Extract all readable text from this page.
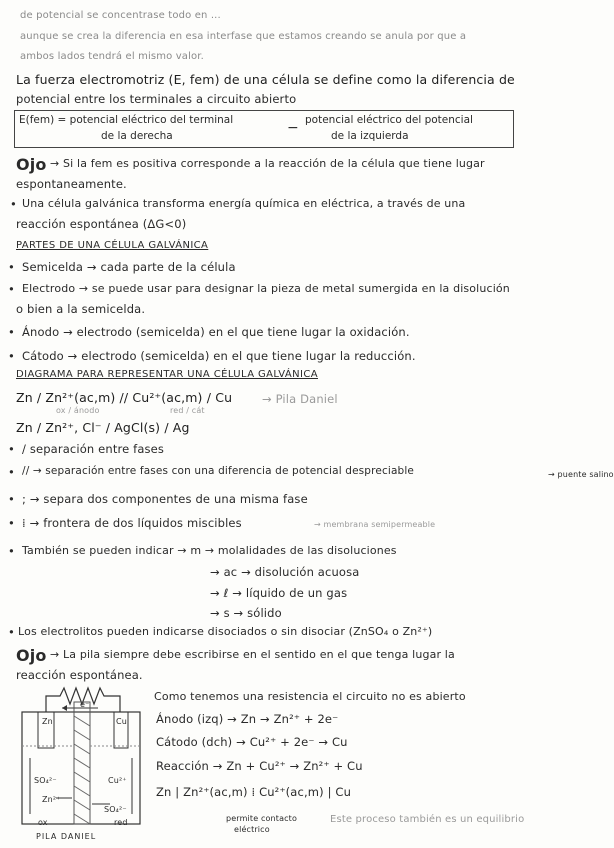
de potencial se concentrase todo en ...
aunque se crea la diferencia en esa interfase que estamos creando se anula por que a
ambos lados tendrá el mismo valor.
La fuerza electromotriz (E, fem) de una célula se define como la diferencia de
potencial entre los terminales a circuito abierto
E(fem) = potencial eléctrico del terminal
de la derecha	− potencial eléctrico del potencial
de la izquierda
Ojo → Si la fem es positiva corresponde a la reacción de la célula que tiene lugar
espontaneamente.
• Una célula galvánica transforma energía química en eléctrica, a través de una
reacción espontánea (ΔG<0)
PARTES DE UNA CÉLULA GALVÁNICA
• Semicelda → cada parte de la célula
• Electrodo → se puede usar para designar la pieza de metal sumergida en la disolución
o bien a la semicelda.
• Ánodo → electrodo (semicelda) en el que tiene lugar la oxidación.
• Cátodo → electrodo (semicelda) en el que tiene lugar la reducción.
DIAGRAMA PARA REPRESENTAR UNA CÉLULA GALVÁNICA
Zn / Zn²⁺(ac,m) // Cu²⁺(ac,m) / Cu	→ Pila Daniel
ox / ánodo	red / cát
Zn / Zn²⁺, Cl⁻ / AgCl(s) / Ag
• / separación entre fases
• // → separación entre fases con una diferencia de potencial despreciable	→ puente salino
• ; → separa dos componentes de una misma fase
• ⁞ → frontera de dos líquidos miscibles	→ membrana semipermeable
• También se pueden indicar → m → molalidades de las disoluciones
→ ac → disolución acuosa
→ ℓ → líquido de un gas
→ s → sólido
• Los electrolitos pueden indicarse disociados o sin disociar (ZnSO₄ o Zn²⁺)
Ojo → La pila siempre debe escribirse en el sentido en el que tenga lugar la
reacción espontánea.
Zn	Cu
e⁻
SO₄²⁻	Cu²⁺
Zn²⁺
SO₄²⁻
ox	red
PILA DANIEL
Como tenemos una resistencia el circuito no es abierto
Ánodo (izq) → Zn → Zn²⁺ + 2e⁻
Cátodo (dch) → Cu²⁺ + 2e⁻ → Cu
Reacción → Zn + Cu²⁺ → Zn²⁺ + Cu
Zn | Zn²⁺(ac,m) ⁞ Cu²⁺(ac,m) | Cu
permite contacto
eléctrico
Este proceso también es un equilibrio
